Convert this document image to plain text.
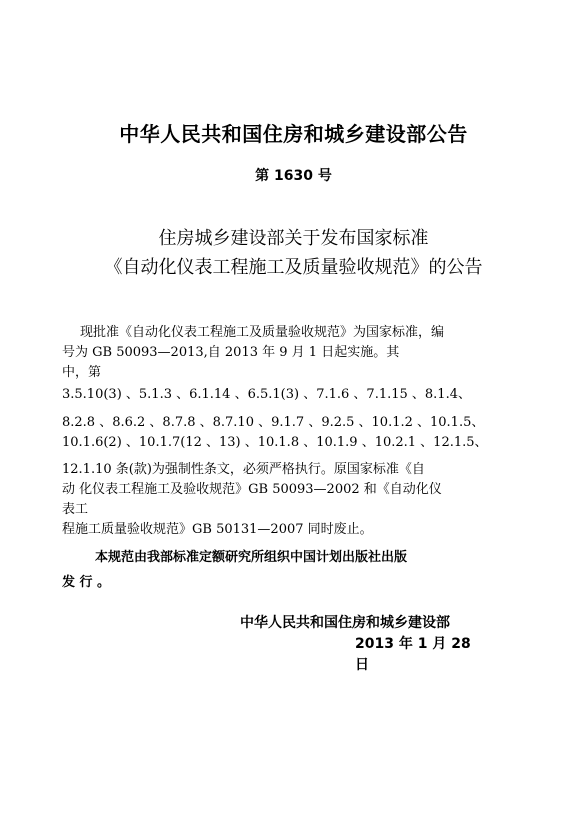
中华人民共和国住房和城乡建设部公告
第 1630 号
住房城乡建设部关于发布国家标准
《自动化仪表工程施工及质量验收规范》的公告
现批准《自动化仪表工程施工及质量验收规范》为国家标准，编
号为 GB 50093—2013,自 2013 年 9 月 1 日起实施。其
中，第
3.5.10(3) 、5.1.3 、6.1.14 、6.5.1(3) 、7.1.6 、7.1.15 、8.1.4、
8.2.8 、8.6.2 、8.7.8 、8.7.10 、9.1.7 、9.2.5 、10.1.2 、10.1.5、
10.1.6(2) 、10.1.7(12 、13) 、10.1.8 、10.1.9 、10.2.1 、12.1.5、
12.1.10 条(款)为强制性条文，必须严格执行。原国家标准《自
动 化仪表工程施工及验收规范》GB 50093—2002 和《自动化仪
表工
程施工质量验收规范》GB 50131—2007 同时废止。
本规范由我部标准定额研究所组织中国计划出版社出版
发 行 。
中华人民共和国住房和城乡建设部
2013 年 1 月 28
日
